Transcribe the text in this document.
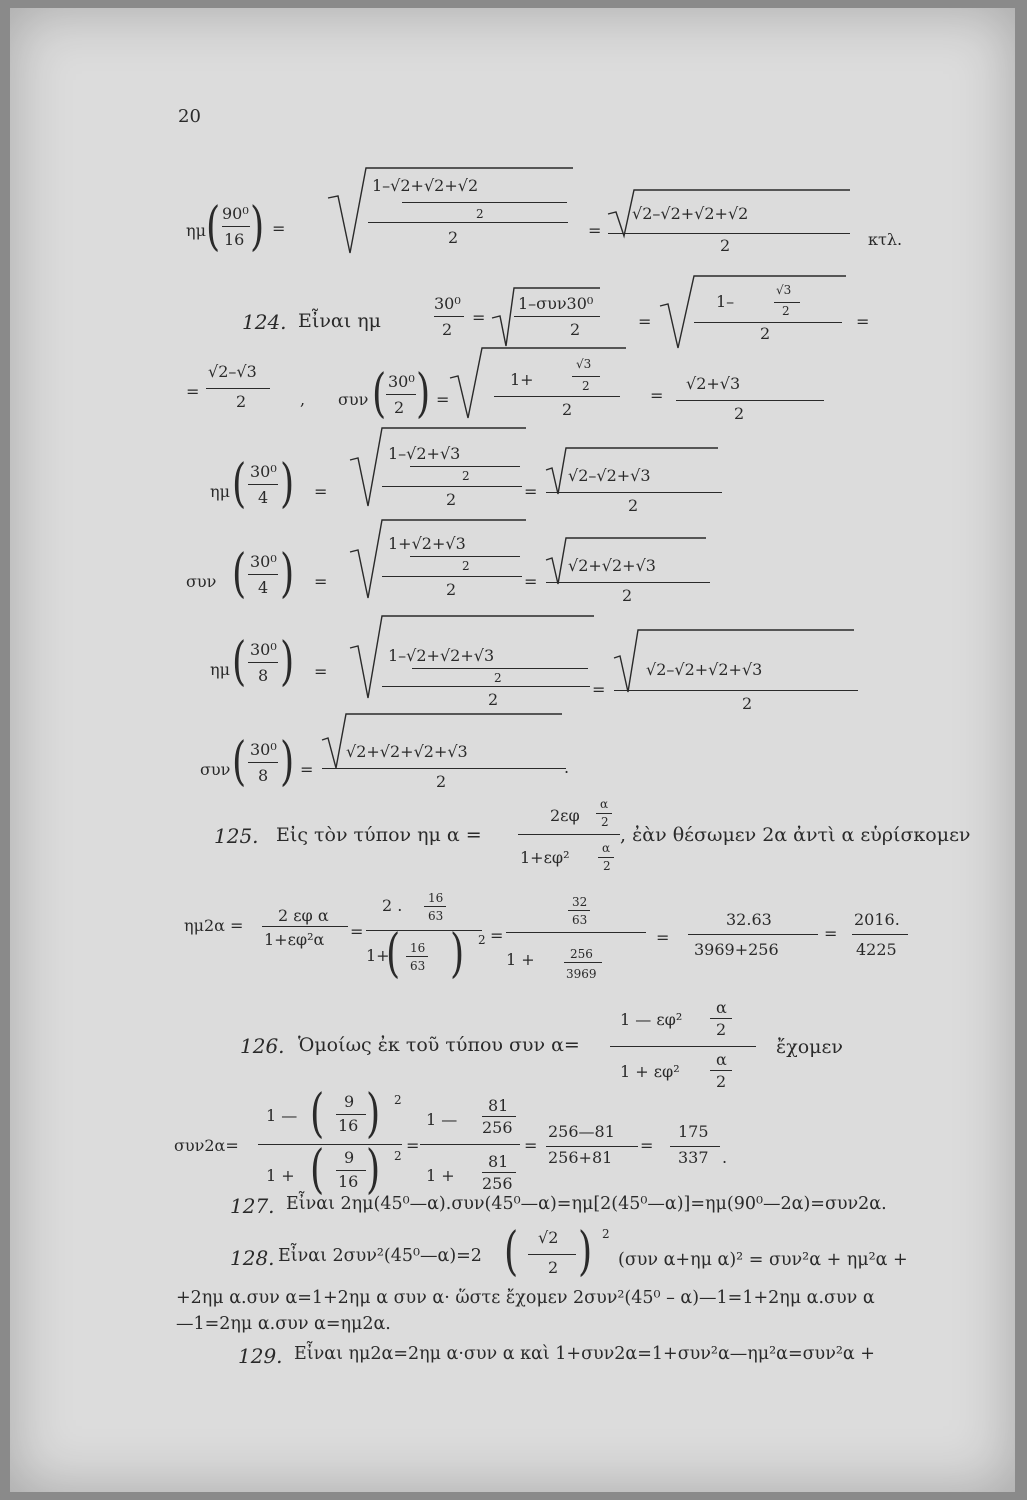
20
ημ ( 90⁰
16 ) =
1–√2+√2+√2
2
2	=
√2–√2+√2+√2
2	κτλ.
124. Εἶναι ημ
30⁰
2
=
1–συν30⁰
2	=
1–
√3
2
2
=
=
√2–√3
2	, συν ( 30⁰
2 ) =
1+
√3
2
2
=
√2+√3
2
ημ ( 30⁰
4 ) =
1–√2+√3
2
2	=
√2–√2+√3
2
συν ( 30⁰
4 ) =
1+√2+√3
2
2	=
√2+√2+√3
2
ημ ( 30⁰
8 ) =
1–√2+√2+√3
2
2
=
√2–√2+√2+√3
2
συν ( 30⁰
8 ) =
√2+√2+√2+√3
2
.
125. Εἰς τὸν τύπον ημ α =
2εφ
α
2
1+εφ²	α
2
, ἐὰν θέσωμεν 2α ἀντὶ α εὑρίσκομεν
ημ2α =
2 εφ α
1+εφ²α =
2 . 16
63
1+
( 16
63 ) 2 =
32
63
1 +	256
3969
=
32.63
3969+256
=
2016.
4225
126. Ὁμοίως ἐκ τοῦ τύπου συν α=
1 — εφ²
α
2
1 + εφ²
α
2
ἔχομεν
συν2α=
1 — ( 9
16 ) 2
1 + ( 9
16 ) 2
=
1 —
81
256
1 +
81
256
=
256—81
256+81
=
175
337 .
127. Εἶναι 2ημ(45⁰—α).συν(45⁰—α)=ημ[2(45⁰—α)]=ημ(90⁰—2α)=συν2α.
128. Εἶναι 2συν²(45⁰—α)=2 ( √2
2 ) 2
(συν α+ημ α)² = συν²α + ημ²α +
+2ημ α.συν α=1+2ημ α συν α· ὥστε ἔχομεν 2συν²(45⁰ – α)—1=1+2ημ α.συν α
—1=2ημ α.συν α=ημ2α.
129. Εἶναι ημ2α=2ημ α·συν α καὶ 1+συν2α=1+συν²α—ημ²α=συν²α +
